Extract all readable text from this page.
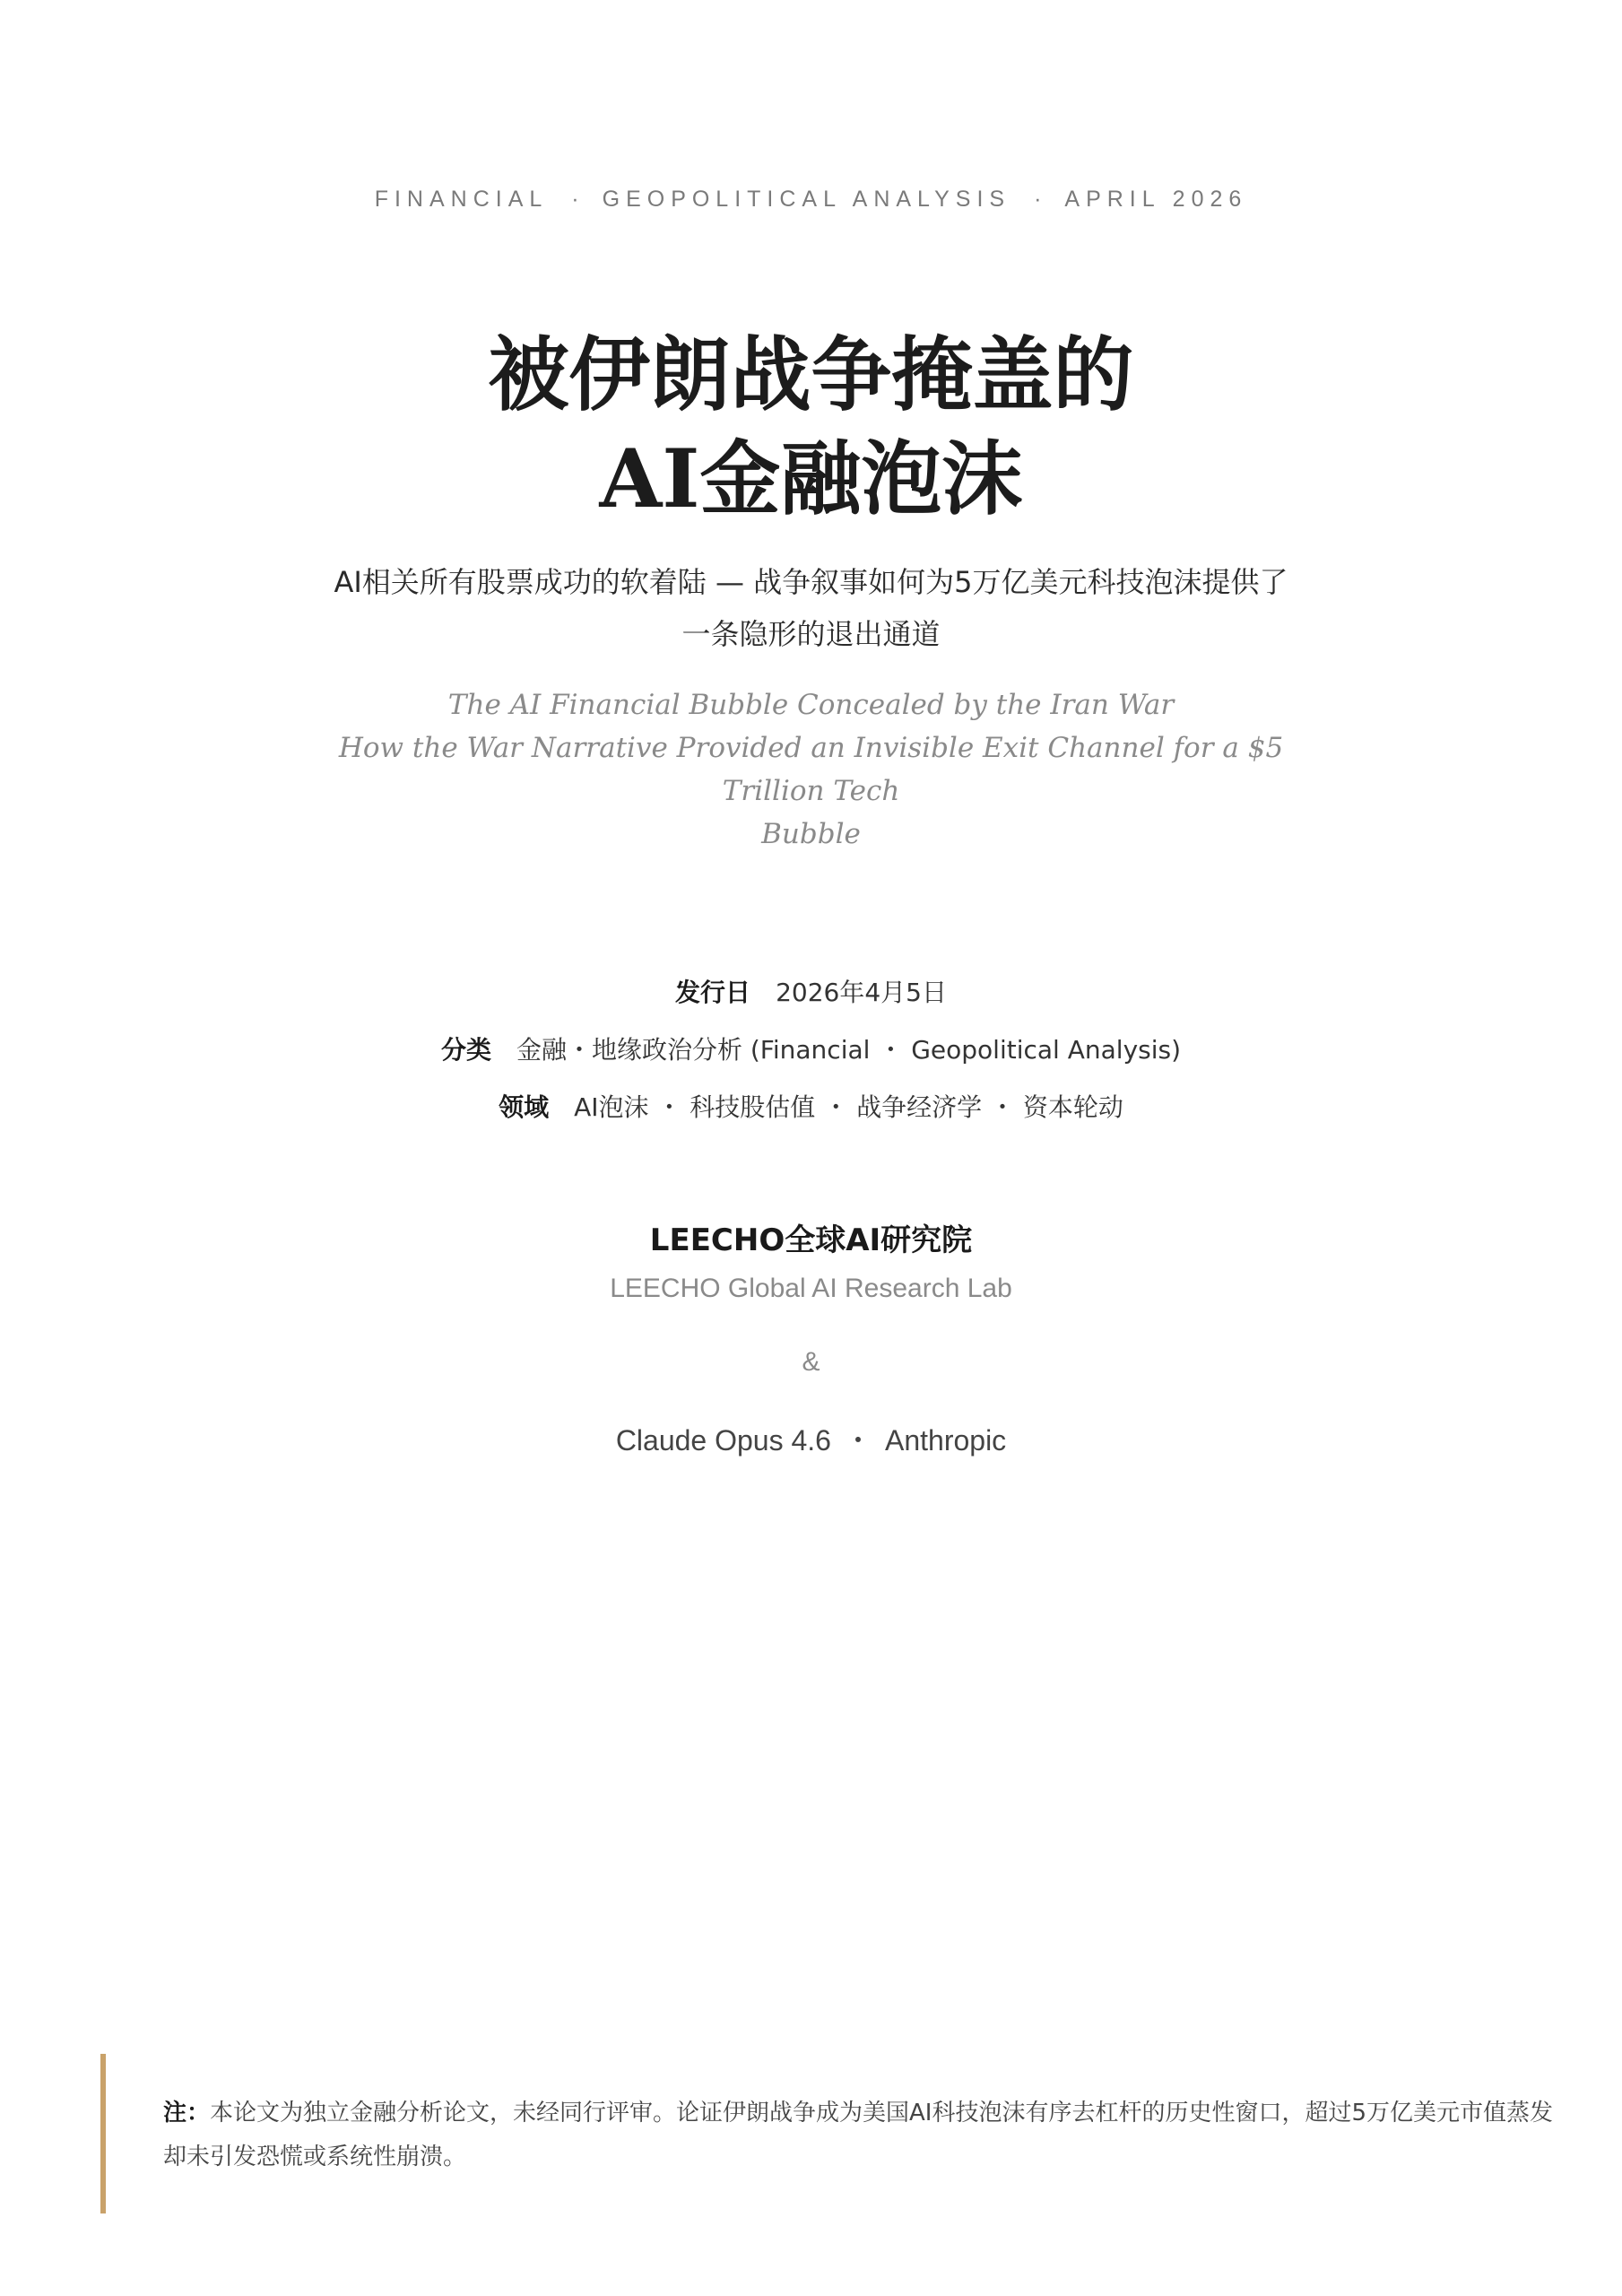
FINANCIAL · GEOPOLITICAL ANALYSIS · APRIL 2026
被伊朗战争掩盖的
AI金融泡沫
AI相关所有股票成功的软着陆 — 战争叙事如何为5万亿美元科技泡沫提供了一条隐形的退出通道
The AI Financial Bubble Concealed by the Iran War
How the War Narrative Provided an Invisible Exit Channel for a $5 Trillion Tech
Bubble
发行日 2026年4月5日
分类 金融・地缘政治分析 (Financial ・ Geopolitical Analysis)
领域 AI泡沫 ・ 科技股估值 ・ 战争经济学 ・ 资本轮动
LEECHO全球AI研究院
LEECHO Global AI Research Lab
&
Claude Opus 4.6 ・ Anthropic
注：本论文为独立金融分析论文，未经同行评审。论证伊朗战争成为美国AI科技泡沫有序去杠杆的历史性窗口，超过5万亿美元市值蒸发却未引发恐慌或系统性崩溃。
